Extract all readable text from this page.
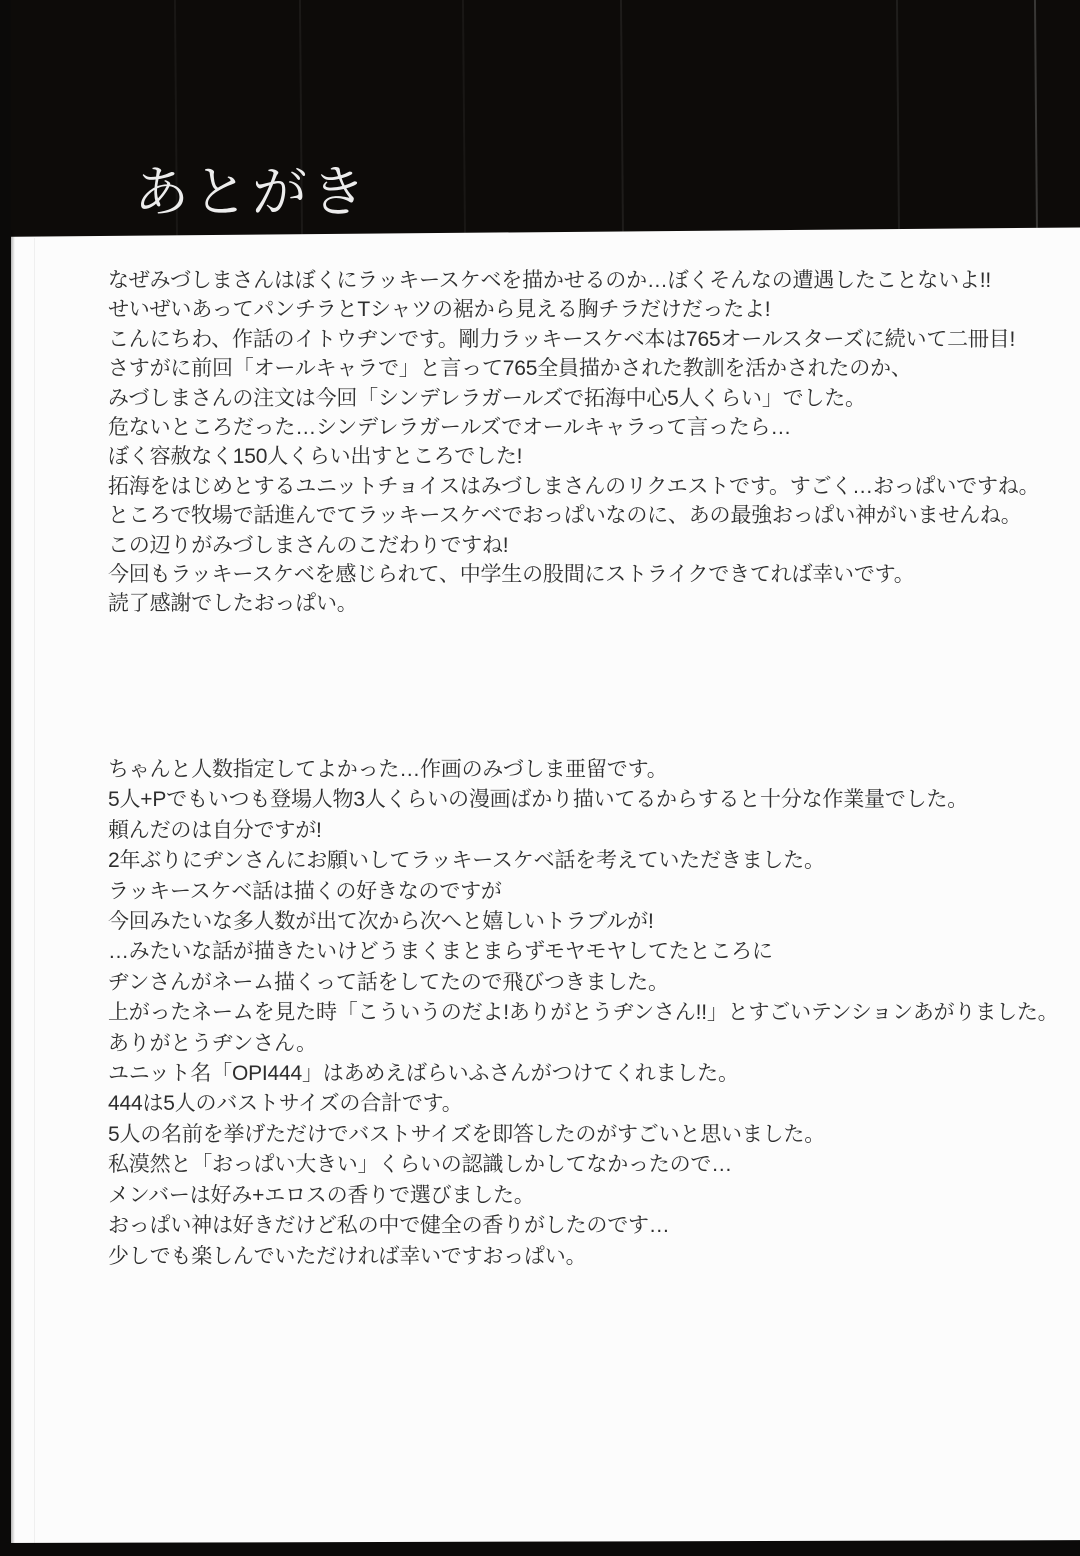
あとがき
なぜみづしまさんはぼくにラッキースケベを描かせるのか…ぼくそんなの遭遇したことないよ!!
せいぜいあってパンチラとTシャツの裾から見える胸チラだけだったよ!
こんにちわ、作話のイトウヂンです。剛力ラッキースケベ本は765オールスターズに続いて二冊目!
さすがに前回「オールキャラで」と言って765全員描かされた教訓を活かされたのか、
みづしまさんの注文は今回「シンデレラガールズで拓海中心5人くらい」でした。
危ないところだった…シンデレラガールズでオールキャラって言ったら…
ぼく容赦なく150人くらい出すところでした!
拓海をはじめとするユニットチョイスはみづしまさんのリクエストです。すごく…おっぱいですね。
ところで牧場で話進んでてラッキースケベでおっぱいなのに、あの最強おっぱい神がいませんね。
この辺りがみづしまさんのこだわりですね!
今回もラッキースケベを感じられて、中学生の股間にストライクできてれば幸いです。
読了感謝でしたおっぱい。
ちゃんと人数指定してよかった…作画のみづしま亜留です。
5人+Pでもいつも登場人物3人くらいの漫画ばかり描いてるからすると十分な作業量でした。
頼んだのは自分ですが!
2年ぶりにヂンさんにお願いしてラッキースケベ話を考えていただきました。
ラッキースケベ話は描くの好きなのですが
今回みたいな多人数が出て次から次へと嬉しいトラブルが!
…みたいな話が描きたいけどうまくまとまらずモヤモヤしてたところに
ヂンさんがネーム描くって話をしてたので飛びつきました。
上がったネームを見た時「こういうのだよ!ありがとうヂンさん!!」とすごいテンションあがりました。
ありがとうヂンさん。
ユニット名「OPI444」はあめえばらいふさんがつけてくれました。
444は5人のバストサイズの合計です。
5人の名前を挙げただけでバストサイズを即答したのがすごいと思いました。
私漠然と「おっぱい大きい」くらいの認識しかしてなかったので…
メンバーは好み+エロスの香りで選びました。
おっぱい神は好きだけど私の中で健全の香りがしたのです…
少しでも楽しんでいただければ幸いですおっぱい。
